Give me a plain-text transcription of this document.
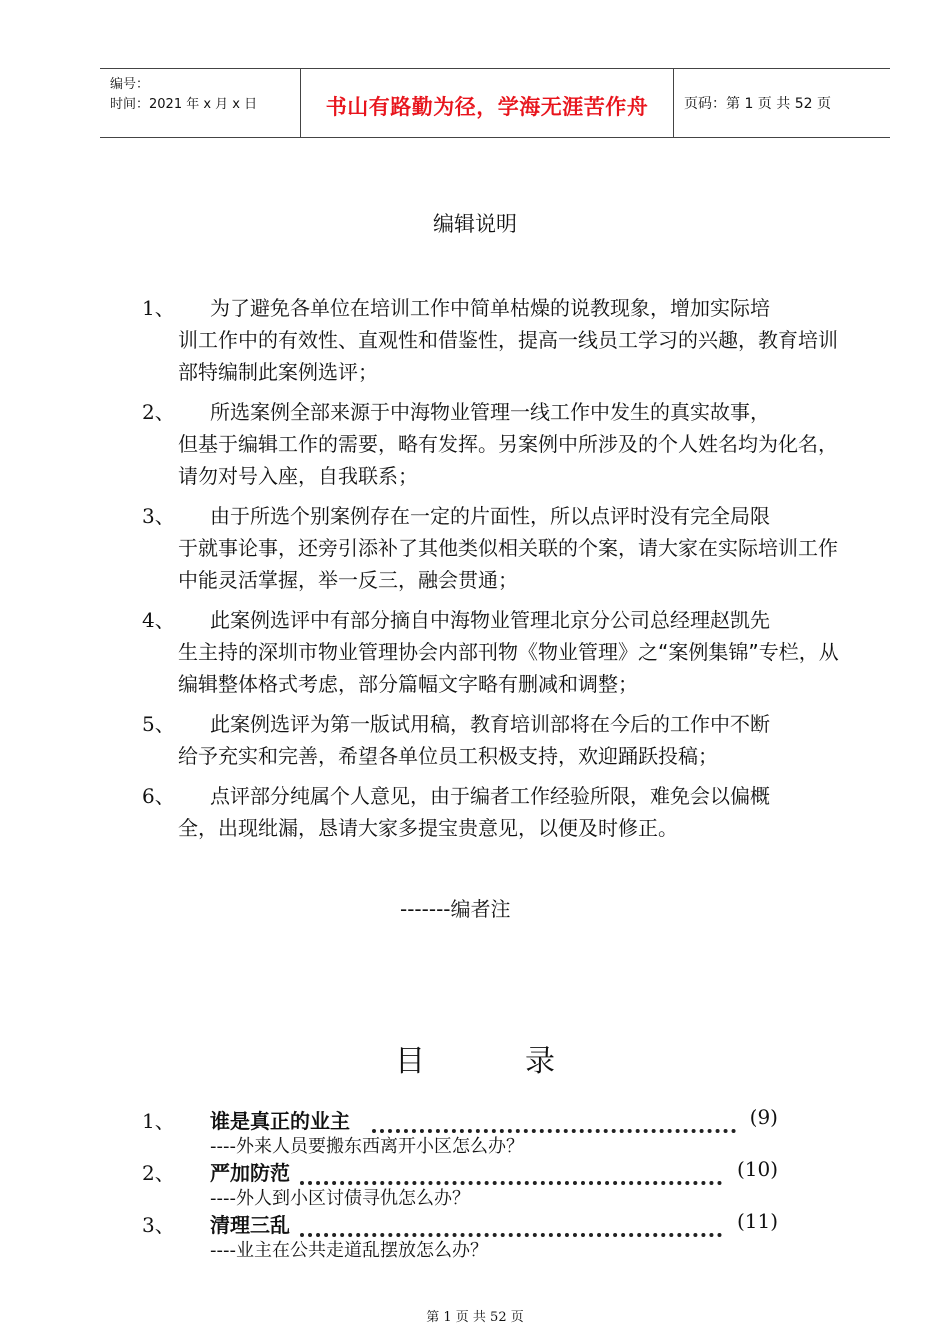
编号：
时间：2021 年 x 月 x 日	书山有路勤为径，学海无涯苦作舟	页码：第 1 页 共 52 页
编辑说明
1、	为了避免各单位在培训工作中简单枯燥的说教现象，增加实际培
训工作中的有效性、直观性和借鉴性，提高一线员工学习的兴趣，教育培训部特编制此案例选评；
2、	所选案例全部来源于中海物业管理一线工作中发生的真实故事，
但基于编辑工作的需要，略有发挥。另案例中所涉及的个人姓名均为化名，请勿对号入座，自我联系；
3、	由于所选个别案例存在一定的片面性，所以点评时没有完全局限
于就事论事，还旁引添补了其他类似相关联的个案，请大家在实际培训工作中能灵活掌握，举一反三，融会贯通；
4、	此案例选评中有部分摘自中海物业管理北京分公司总经理赵凯先
生主持的深圳市物业管理协会内部刊物《物业管理》之“案例集锦”专栏，从编辑整体格式考虑，部分篇幅文字略有删减和调整；
5、	此案例选评为第一版试用稿，教育培训部将在今后的工作中不断
给予充实和完善，希望各单位员工积极支持，欢迎踊跃投稿；
6、	点评部分纯属个人意见，由于编者工作经验所限，难免会以偏概
全，出现纰漏，恳请大家多提宝贵意见，以便及时修正。
-------编者注
目	录
1、 谁是真正的业主	(9)
----外来人员要搬东西离开小区怎么办？
2、 严加防范	(10)
----外人到小区讨债寻仇怎么办？
3、 清理三乱	(11)
----业主在公共走道乱摆放怎么办？
第 1 页 共 52 页
